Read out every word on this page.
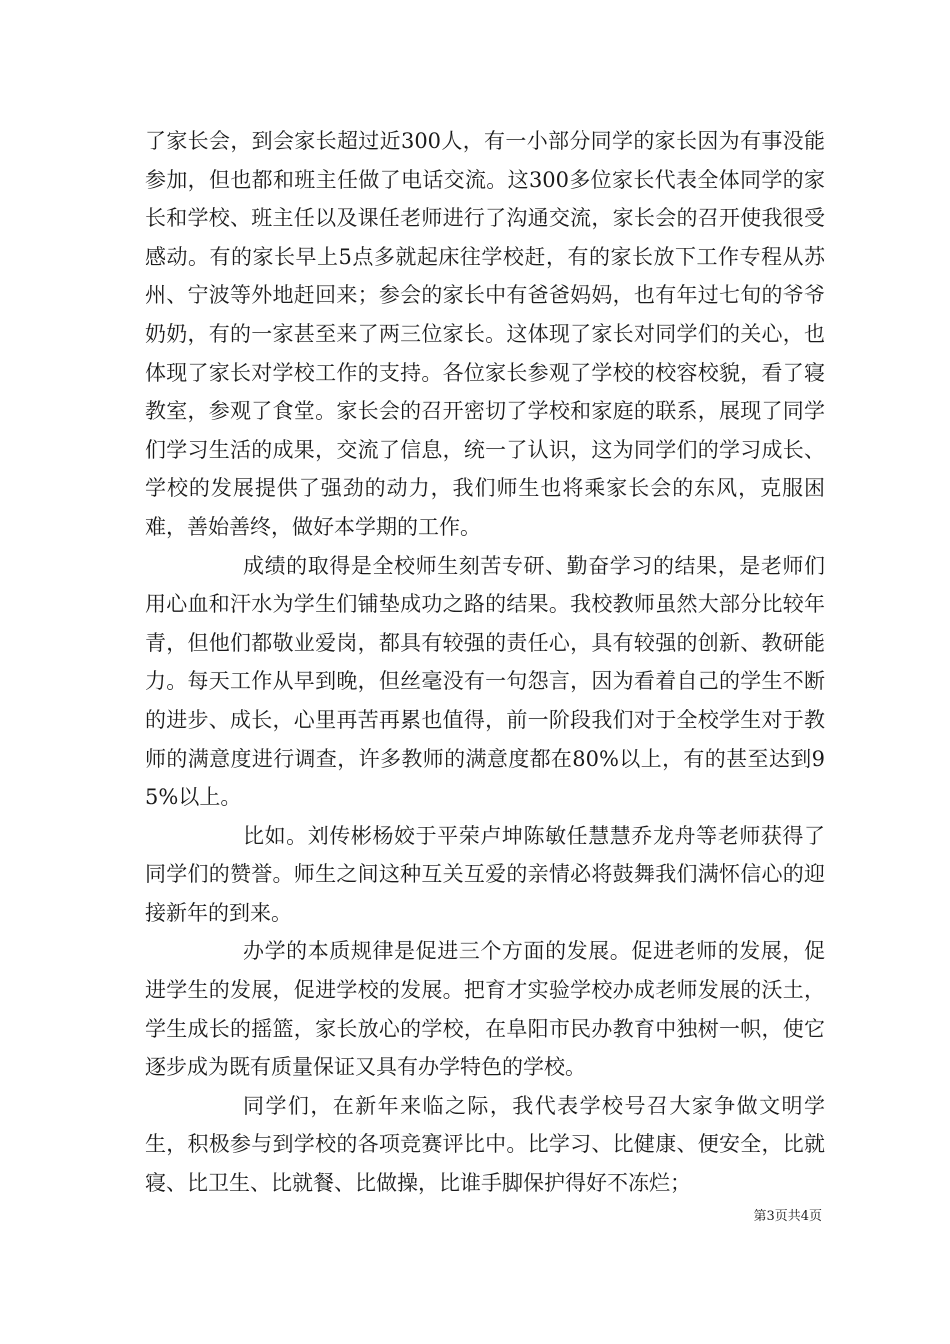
了家长会，到会家长超过近300人，有一小部分同学的家长因为有事没能参加，但也都和班主任做了电话交流。这300多位家长代表全体同学的家长和学校、班主任以及课任老师进行了沟通交流，家长会的召开使我很受感动。有的家长早上5点多就起床往学校赶，有的家长放下工作专程从苏州、宁波等外地赶回来；参会的家长中有爸爸妈妈，也有年过七旬的爷爷奶奶，有的一家甚至来了两三位家长。这体现了家长对同学们的关心，也体现了家长对学校工作的支持。各位家长参观了学校的校容校貌，看了寝教室，参观了食堂。家长会的召开密切了学校和家庭的联系，展现了同学们学习生活的成果，交流了信息，统一了认识，这为同学们的学习成长、学校的发展提供了强劲的动力，我们师生也将乘家长会的东风，克服困难，善始善终，做好本学期的工作。

成绩的取得是全校师生刻苦专研、勤奋学习的结果，是老师们用心血和汗水为学生们铺垫成功之路的结果。我校教师虽然大部分比较年青，但他们都敬业爱岗，都具有较强的责任心，具有较强的创新、教研能力。每天工作从早到晚，但丝毫没有一句怨言，因为看着自己的学生不断的进步、成长，心里再苦再累也值得，前一阶段我们对于全校学生对于教师的满意度进行调查，许多教师的满意度都在80%以上，有的甚至达到95%以上。

比如。刘传彬杨姣于平荣卢坤陈敏任慧慧乔龙舟等老师获得了同学们的赞誉。师生之间这种互关互爱的亲情必将鼓舞我们满怀信心的迎接新年的到来。

办学的本质规律是促进三个方面的发展。促进老师的发展，促进学生的发展，促进学校的发展。把育才实验学校办成老师发展的沃土，学生成长的摇篮，家长放心的学校，在阜阳市民办教育中独树一帜，使它逐步成为既有质量保证又具有办学特色的学校。

同学们，在新年来临之际，我代表学校号召大家争做文明学生，积极参与到学校的各项竞赛评比中。比学习、比健康、便安全，比就寝、比卫生、比就餐、比做操，比谁手脚保护得好不冻烂；

第3页共4页
